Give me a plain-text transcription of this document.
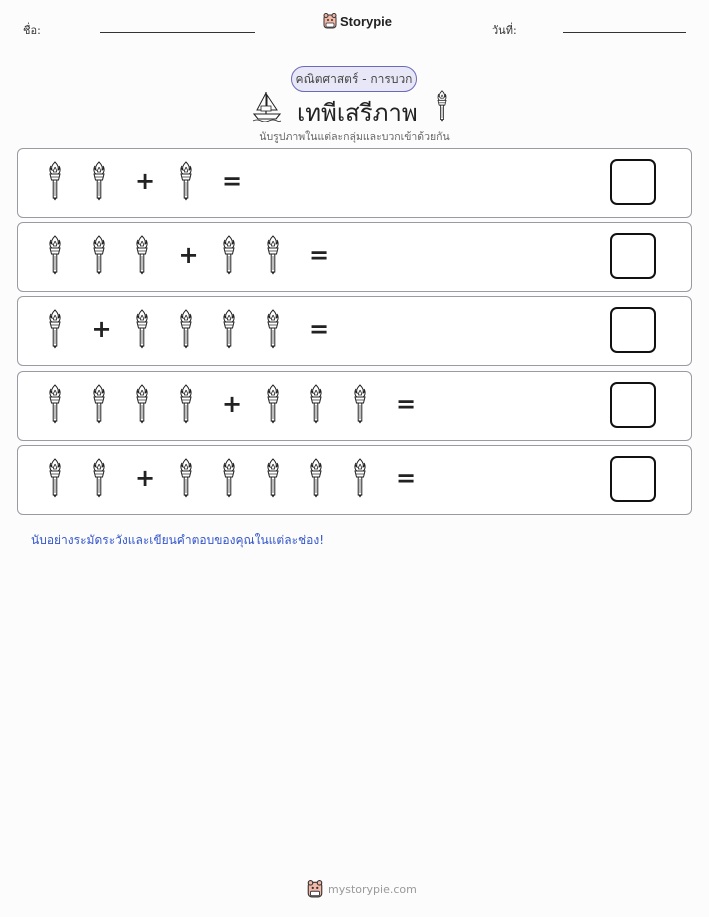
ชื่อ:
Storypie
วันที่:
คณิตศาสตร์ - การบวก
เทพีเสรีภาพ
นับรูปภาพในแต่ละกลุ่มและบวกเข้าด้วยกัน
+	=
+	=
+	=
+	=
+	=
นับอย่างระมัดระวังและเขียนคำตอบของคุณในแต่ละช่อง!
mystorypie.com
